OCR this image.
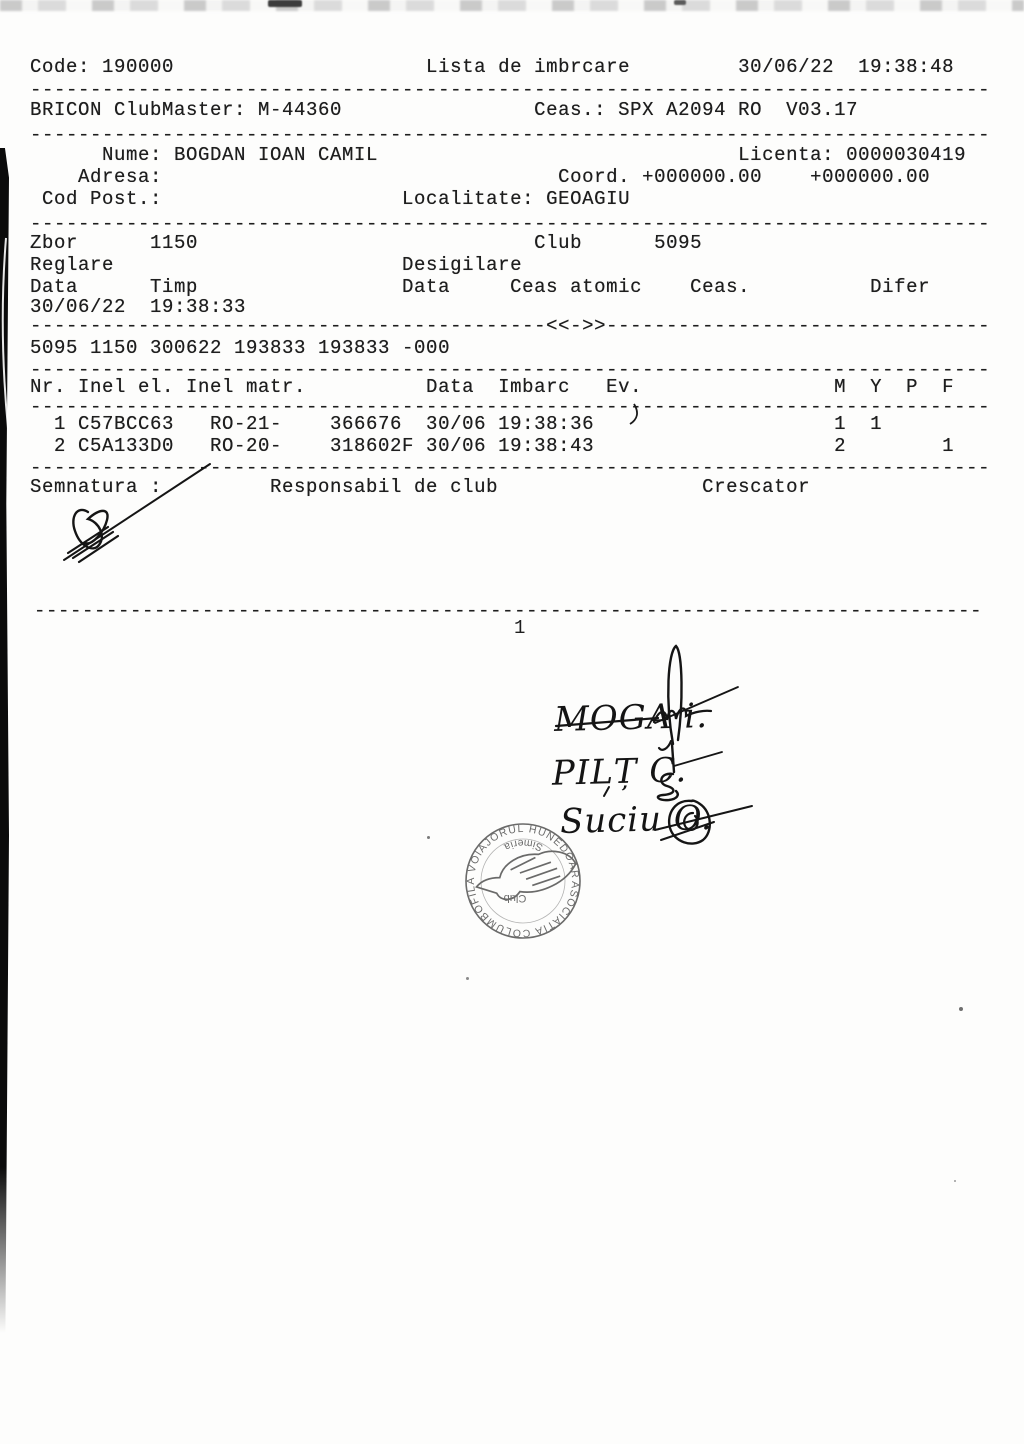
Code: 190000                     Lista de imbrcare         30/06/22  19:38:48
--------------------------------------------------------------------------------
BRICON ClubMaster: M-44360                Ceas.: SPX A2094 RO  V03.17
--------------------------------------------------------------------------------
Nume: BOGDAN IOAN CAMIL                              Licenta: 0000030419
Adresa:                                 Coord. +000000.00    +000000.00
Cod Post.:                    Localitate: GEOAGIU
--------------------------------------------------------------------------------
Zbor      1150                            Club      5095
Reglare                        Desigilare
Data      Timp                 Data     Ceas atomic    Ceas.          Difer
30/06/22  19:38:33
-------------------------------------------<<->>--------------------------------
5095 1150 300622 193833 193833 -000
--------------------------------------------------------------------------------
Nr. Inel el. Inel matr.          Data  Imbarc   Ev.                M  Y  P  F
--------------------------------------------------------------------------------
1 C57BCC63   RO-21-    366676  30/06 19:38:36                    1  1
2 C5A133D0   RO-20-    318602F 30/06 19:38:43                    2        1
--------------------------------------------------------------------------------
Semnatura :         Responsabil de club                 Crescator
-------------------------------------------------------------------------------
1
MOGA i.
PILȚ C.
Suciu O.
ASOCIATIA COLUMBOFILA VOIAJORUL HUNEDOARA
Simeria
Club
